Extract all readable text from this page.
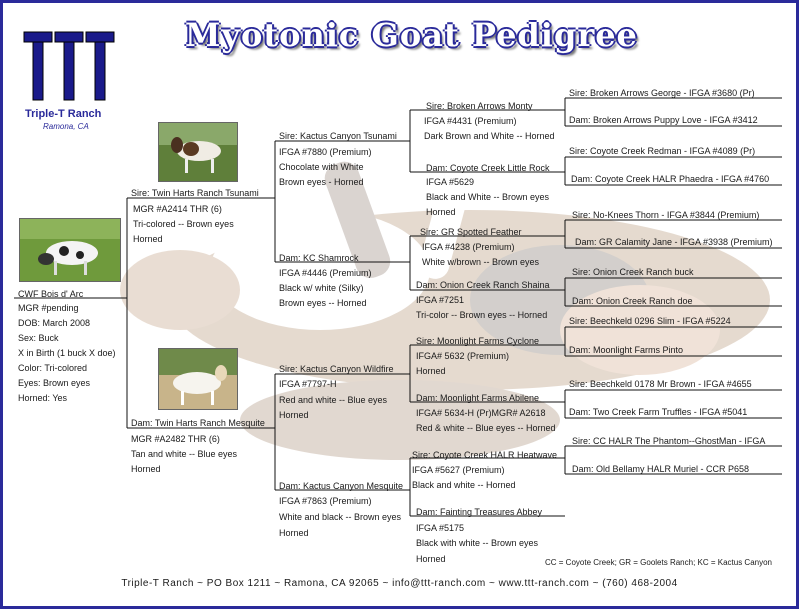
Myotonic Goat Pedigree
Triple-T Ranch
Ramona, CA
CWF Bois d' Arc
MGR #pending
DOB: March 2008
Sex: Buck
X in Birth (1 buck X doe)
Color: Tri-colored
Eyes: Brown eyes
Horned: Yes
Sire: Twin Harts Ranch Tsunami
MGR #A2414 THR (6)
Tri-colored -- Brown eyes
Horned
Dam: Twin Harts Ranch Mesquite
MGR #A2482 THR (6)
Tan and white -- Blue eyes
Horned
Sire: Kactus Canyon Tsunami
IFGA #7880 (Premium)
Chocolate with White
Brown eyes - Horned
Dam: KC Shamrock
IFGA #4446 (Premium)
Black w/ white (Silky)
Brown eyes -- Horned
Sire: Kactus Canyon Wildfire
IFGA #7797-H
Red and white -- Blue eyes
Horned
Dam: Kactus Canyon Mesquite
IFGA #7863 (Premium)
White and black -- Brown eyes
Horned
Sire: Broken Arrows Monty
IFGA #4431 (Premium)
Dark Brown and White -- Horned
Dam: Coyote Creek Little Rock
IFGA #5629
Black and White -- Brown eyes
Horned
Sire: GR Spotted Feather
IFGA #4238 (Premium)
White w/brown -- Brown eyes
Dam: Onion Creek Ranch Shaina
IFGA #7251
Tri-color -- Brown eyes -- Horned
Sire: Moonlight Farms Cyclone
IFGA# 5632 (Premium)
Horned
Dam: Moonlight Farms Abilene
IFGA# 5634-H (Pr)MGR# A2618
Red & white -- Blue eyes -- Horned
Sire: Coyote Creek HALR Heatwave
IFGA #5627 (Premium)
Black and white -- Horned
Dam: Fainting Treasures Abbey
IFGA #5175
Black with white -- Brown eyes
Horned
Sire: Broken Arrows George - IFGA #3680 (Pr)
Dam: Broken Arrows Puppy Love - IFGA #3412
Sire: Coyote Creek Redman - IFGA #4089 (Pr)
Dam: Coyote Creek HALR Phaedra - IFGA #4760
Sire: No-Knees Thorn - IFGA #3844 (Premium)
Dam: GR Calamity Jane - IFGA #3938 (Premium)
Sire: Onion Creek Ranch buck
Dam: Onion Creek Ranch doe
Sire: Beechkeld 0296 Slim - IFGA #5224
Dam: Moonlight Farms Pinto
Sire: Beechkeld 0178 Mr Brown - IFGA #4655
Dam: Two Creek Farm Truffles - IFGA #5041
Sire: CC HALR The Phantom--GhostMan - IFGA
Dam: Old Bellamy HALR Muriel - CCR P658
CC = Coyote Creek; GR = Goolets Ranch; KC = Kactus Canyon
Triple-T Ranch ~ PO Box 1211 ~ Ramona, CA 92065 ~ info@ttt-ranch.com ~ www.ttt-ranch.com ~ (760) 468-2004
